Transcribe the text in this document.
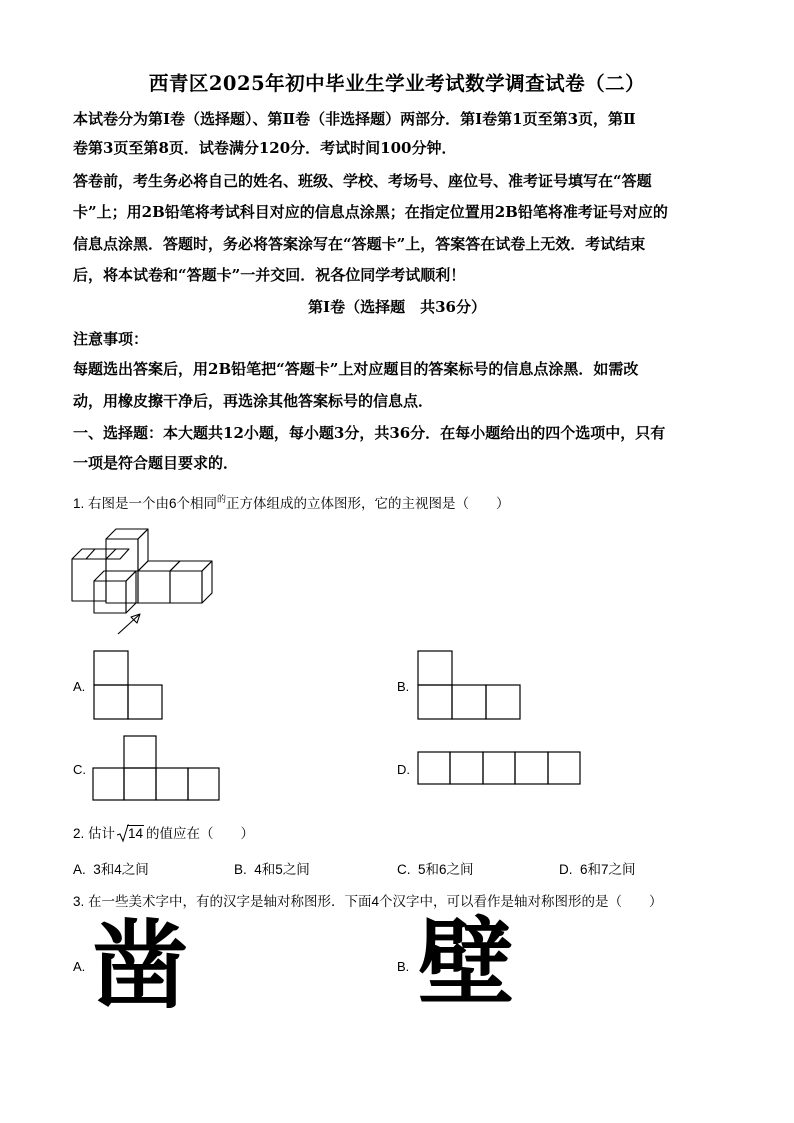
西青区2025年初中毕业生学业考试数学调查试卷（二）
本试卷分为第Ⅰ卷（选择题）、第Ⅱ卷（非选择题）两部分．第Ⅰ卷第1页至第3页，第Ⅱ
卷第3页至第8页．试卷满分120分．考试时间100分钟．
答卷前，考生务必将自己的姓名、班级、学校、考场号、座位号、准考证号填写在“答题
卡”上；用2B铅笔将考试科目对应的信息点涂黑；在指定位置用2B铅笔将准考证号对应的
信息点涂黑．答题时，务必将答案涂写在“答题卡”上，答案答在试卷上无效．考试结束
后，将本试卷和“答题卡”一并交回．祝各位同学考试顺利！
第Ⅰ卷（选择题　共36分）
注意事项：
每题选出答案后，用2B铅笔把“答题卡”上对应题目的答案标号的信息点涂黑．如需改
动，用橡皮擦干净后，再选涂其他答案标号的信息点．
一、选择题：本大题共12小题，每小题3分，共36分．在每小题给出的四个选项中，只有
一项是符合题目要求的．
1. 右图是一个由6个相同$^的$正方体组成的立体图形，它的主视图是（　　）
A.	B.
C.	D.
2. 估计 14 的值应在（　　）
A. 3和4之间	B. 4和5之间	C. 5和6之间	D. 6和7之间
3. 在一些美术字中，有的汉字是轴对称图形．下面4个汉字中，可以看作是轴对称图形的是（　　）
A. 凿	B. 壁
